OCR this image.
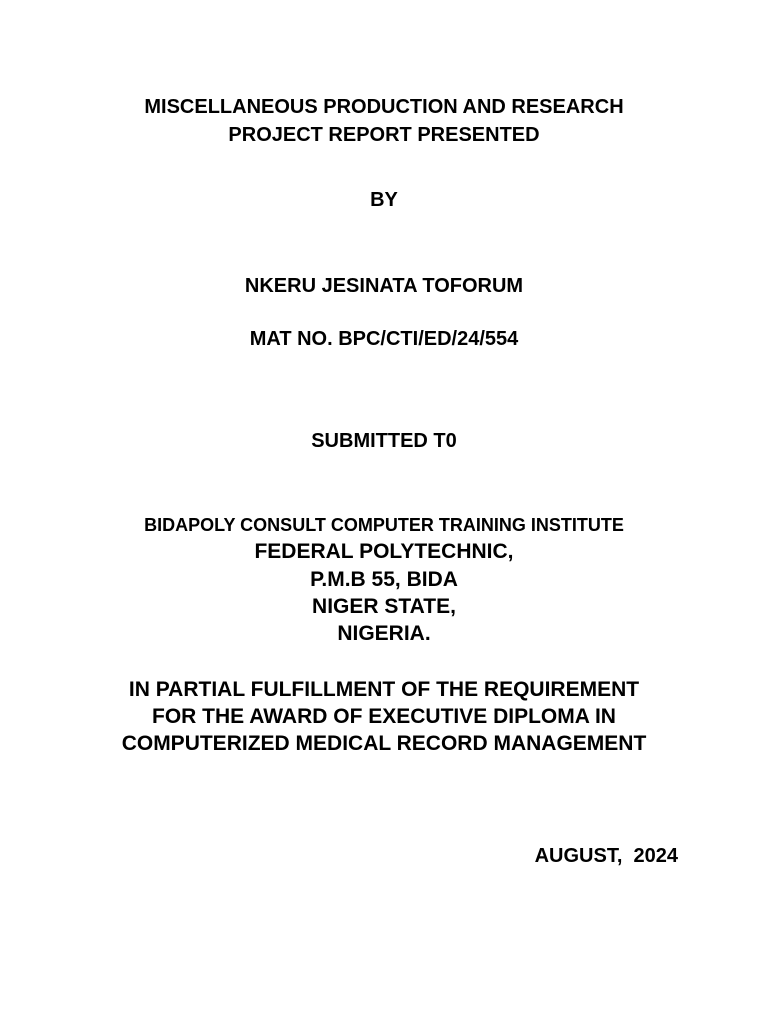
MISCELLANEOUS PRODUCTION AND RESEARCH
PROJECT REPORT PRESENTED
BY
NKERU JESINATA TOFORUM
MAT NO. BPC/CTI/ED/24/554
SUBMITTED T0
BIDAPOLY CONSULT COMPUTER TRAINING INSTITUTE
FEDERAL POLYTECHNIC,
P.M.B 55, BIDA
NIGER STATE,
NIGERIA.
IN PARTIAL FULFILLMENT OF THE REQUIREMENT
FOR THE AWARD OF EXECUTIVE DIPLOMA IN
COMPUTERIZED MEDICAL RECORD MANAGEMENT
AUGUST,  2024
